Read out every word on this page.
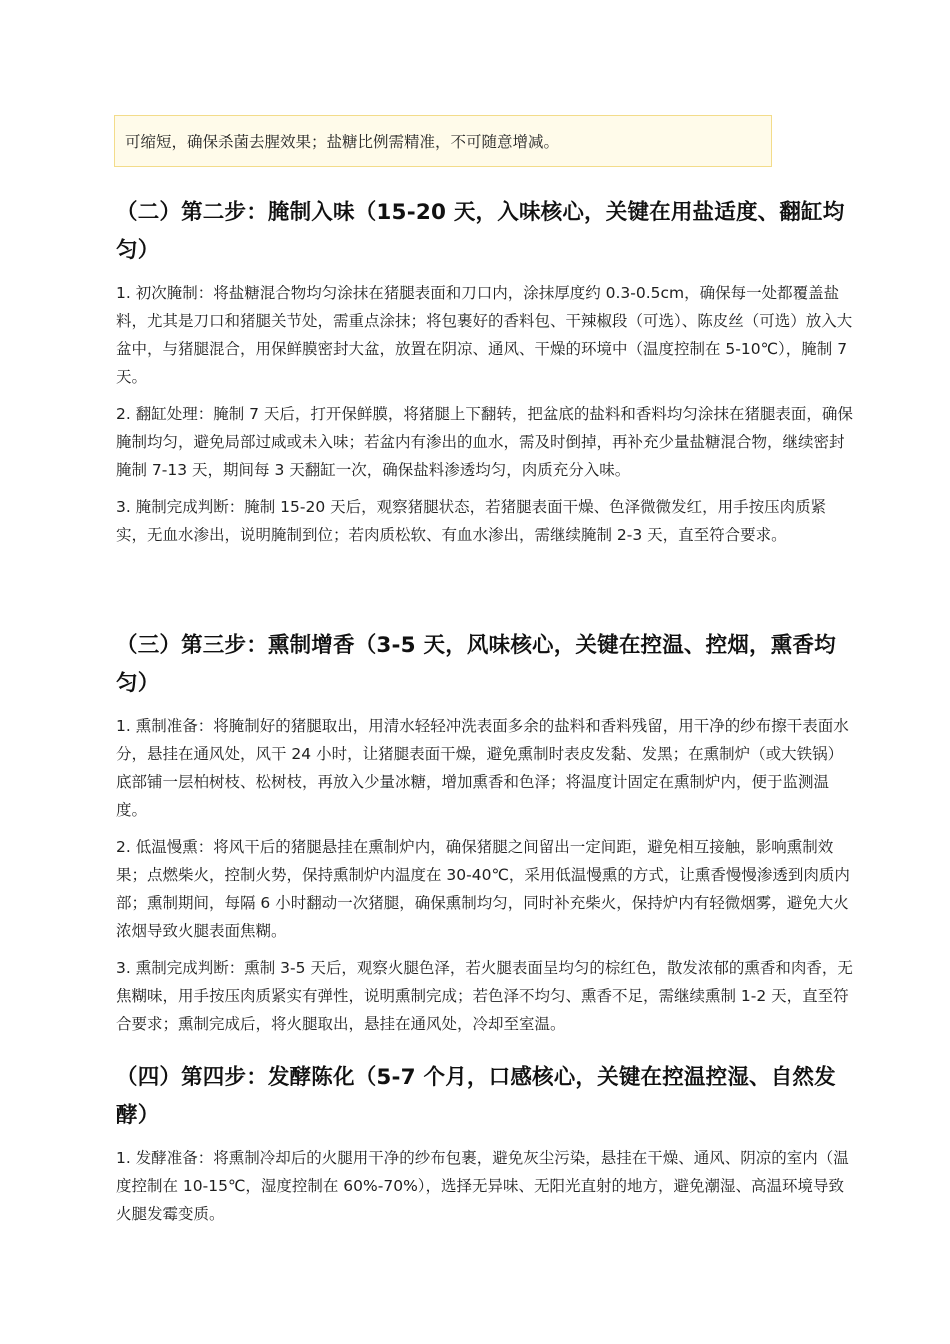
可缩短，确保杀菌去腥效果；盐糖比例需精准，不可随意增减。
（二）第二步：腌制入味（15-20 天，入味核心，关键在用盐适度、翻缸均匀）

1. 初次腌制：将盐糖混合物均匀涂抹在猪腿表面和刀口内，涂抹厚度约 0.3-0.5cm，确保每一处都覆盖盐料，尤其是刀口和猪腿关节处，需重点涂抹；将包裹好的香料包、干辣椒段（可选）、陈皮丝（可选）放入大盆中，与猪腿混合，用保鲜膜密封大盆，放置在阴凉、通风、干燥的环境中（温度控制在 5-10℃），腌制 7 天。

2. 翻缸处理：腌制 7 天后，打开保鲜膜，将猪腿上下翻转，把盆底的盐料和香料均匀涂抹在猪腿表面，确保腌制均匀，避免局部过咸或未入味；若盆内有渗出的血水，需及时倒掉，再补充少量盐糖混合物，继续密封腌制 7-13 天，期间每 3 天翻缸一次，确保盐料渗透均匀，肉质充分入味。

3. 腌制完成判断：腌制 15-20 天后，观察猪腿状态，若猪腿表面干燥、色泽微微发红，用手按压肉质紧实，无血水渗出，说明腌制到位；若肉质松软、有血水渗出，需继续腌制 2-3 天，直至符合要求。

（三）第三步：熏制增香（3-5 天，风味核心，关键在控温、控烟，熏香均匀）

1. 熏制准备：将腌制好的猪腿取出，用清水轻轻冲洗表面多余的盐料和香料残留，用干净的纱布擦干表面水分，悬挂在通风处，风干 24 小时，让猪腿表面干燥，避免熏制时表皮发黏、发黑；在熏制炉（或大铁锅）底部铺一层柏树枝、松树枝，再放入少量冰糖，增加熏香和色泽；将温度计固定在熏制炉内，便于监测温度。

2. 低温慢熏：将风干后的猪腿悬挂在熏制炉内，确保猪腿之间留出一定间距，避免相互接触，影响熏制效果；点燃柴火，控制火势，保持熏制炉内温度在 30-40℃，采用低温慢熏的方式，让熏香慢慢渗透到肉质内部；熏制期间，每隔 6 小时翻动一次猪腿，确保熏制均匀，同时补充柴火，保持炉内有轻微烟雾，避免大火浓烟导致火腿表面焦糊。

3. 熏制完成判断：熏制 3-5 天后，观察火腿色泽，若火腿表面呈均匀的棕红色，散发浓郁的熏香和肉香，无焦糊味，用手按压肉质紧实有弹性，说明熏制完成；若色泽不均匀、熏香不足，需继续熏制 1-2 天，直至符合要求；熏制完成后，将火腿取出，悬挂在通风处，冷却至室温。

（四）第四步：发酵陈化（5-7 个月，口感核心，关键在控温控湿、自然发酵）

1. 发酵准备：将熏制冷却后的火腿用干净的纱布包裹，避免灰尘污染，悬挂在干燥、通风、阴凉的室内（温度控制在 10-15℃，湿度控制在 60%-70%），选择无异味、无阳光直射的地方，避免潮湿、高温环境导致火腿发霉变质。
